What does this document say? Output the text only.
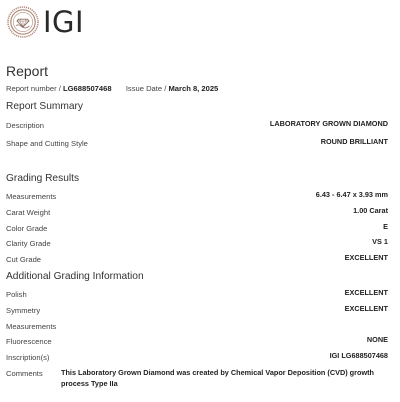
IGI
Report
Report number / LG688507468 Issue Date / March 8, 2025
Report Summary
Description	LABORATORY GROWN DIAMOND
Shape and Cutting Style	ROUND BRILLIANT
Grading Results
Measurements	6.43 - 6.47 x 3.93 mm
Carat Weight	1.00 Carat
Color Grade	E
Clarity Grade	VS 1
Cut Grade	EXCELLENT
Additional Grading Information
Polish	EXCELLENT
Symmetry	EXCELLENT
Measurements
Fluorescence	NONE
Inscription(s)	IGI LG688507468
Comments	This Laboratory Grown Diamond was created by Chemical Vapor Deposition (CVD) growth process Type IIa
